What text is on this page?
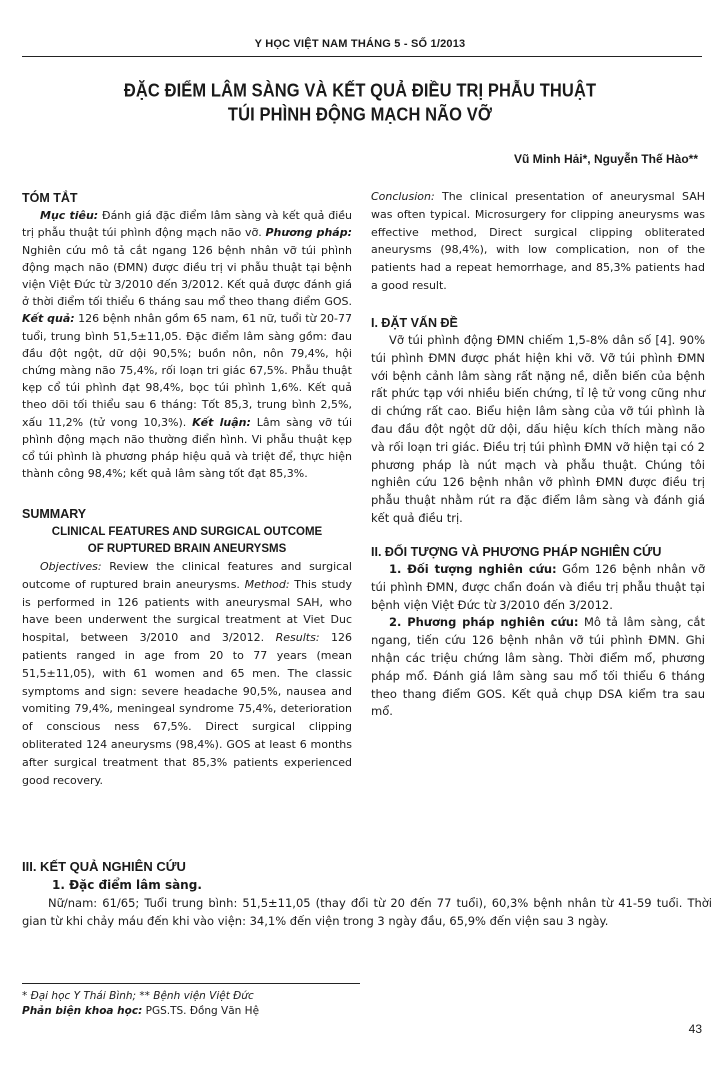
Y HỌC VIỆT NAM THÁNG 5 - SỐ 1/2013
ĐẶC ĐIỂM LÂM SÀNG VÀ KẾT QUẢ ĐIỀU TRỊ PHẪU THUẬT
TÚI PHÌNH ĐỘNG MẠCH NÃO VỠ
Vũ Minh Hải*, Nguyễn Thế Hào**

TÓM TẮT

Mục tiêu: Đánh giá đặc điểm lâm sàng và kết quả điều trị phẫu thuật túi phình động mạch não vỡ. Phương pháp: Nghiên cứu mô tả cắt ngang 126 bệnh nhân vỡ túi phình động mạch não (ĐMN) được điều trị vi phẫu thuật tại bệnh viện Việt Đức từ 3/2010 đến 3/2012. Kết quả được đánh giá ở thời điểm tối thiểu 6 tháng sau mổ theo thang điểm GOS. Kết quả: 126 bệnh nhân gồm 65 nam, 61 nữ, tuổi từ 20-77 tuổi, trung bình 51,5±11,05. Đặc điểm lâm sàng gồm: đau đầu đột ngột, dữ dội 90,5%; buồn nôn, nôn 79,4%, hội chứng màng não 75,4%, rối loạn tri giác 67,5%. Phẫu thuật kẹp cổ túi phình đạt 98,4%, bọc túi phình 1,6%. Kết quả theo dõi tối thiểu sau 6 tháng: Tốt 85,3, trung bình 2,5%, xấu 11,2% (tử vong 10,3%). Kết luận: Lâm sàng vỡ túi phình động mạch não thường điển hình. Vi phẫu thuật kẹp cổ túi phình là phương pháp hiệu quả và triệt để, thực hiện thành công 98,4%; kết quả lâm sàng tốt đạt 85,3%.

SUMMARY

CLINICAL FEATURES AND SURGICAL OUTCOME

OF RUPTURED BRAIN ANEURYSMS

Objectives: Review the clinical features and surgical outcome of ruptured brain aneurysms. Method: This study is performed in 126 patients with aneurysmal SAH, who have been underwent the surgical treatment at Viet Duc hospital, between 3/2010 and 3/2012. Results: 126 patients ranged in age from 20 to 77 years (mean 51,5±11,05), with 61 women and 65 men. The classic symptoms and sign: severe headache 90,5%, nausea and vomiting 79,4%, meningeal syndrome 75,4%, deterioration of conscious ness 67,5%. Direct surgical clipping obliterated 124 aneurysms (98,4%). GOS at least 6 months after surgical treatment that 85,3% patients experienced good recovery.

Conclusion: The clinical presentation of aneurysmal SAH was often typical. Microsurgery for clipping aneurysms was effective method, Direct surgical clipping obliterated aneurysms (98,4%), with low complication, non of the patients had a repeat hemorrhage, and 85,3% patients had a good result.

I. ĐẶT VẤN ĐỀ

Vỡ túi phình động ĐMN chiếm 1,5-8% dân số [4]. 90% túi phình ĐMN được phát hiện khi vỡ. Vỡ túi phình ĐMN với bệnh cảnh lâm sàng rất nặng nề, diễn biến của bệnh rất phức tạp với nhiều biến chứng, tỉ lệ tử vong cũng như di chứng rất cao. Biểu hiện lâm sàng của vỡ túi phình là đau đầu đột ngột dữ dội, dấu hiệu kích thích màng não và rối loạn tri giác. Điều trị túi phình ĐMN vỡ hiện tại có 2 phương pháp là nút mạch và phẫu thuật. Chúng tôi nghiên cứu 126 bệnh nhân vỡ phình ĐMN được điều trị phẫu thuật nhằm rút ra đặc điểm lâm sàng và đánh giá kết quả điều trị.

II. ĐỐI TƯỢNG VÀ PHƯƠNG PHÁP NGHIÊN CỨU

1. Đối tượng nghiên cứu: Gồm 126 bệnh nhân vỡ túi phình ĐMN, được chẩn đoán và điều trị phẫu thuật tại bệnh viện Việt Đức từ 3/2010 đến 3/2012.

2. Phương pháp nghiên cứu: Mô tả lâm sàng, cắt ngang, tiến cứu 126 bệnh nhân vỡ túi phình ĐMN. Ghi nhận các triệu chứng lâm sàng. Thời điểm mổ, phương pháp mổ. Đánh giá lâm sàng sau mổ tối thiểu 6 tháng theo thang điểm GOS. Kết quả chụp DSA kiểm tra sau mổ.

III. KẾT QUẢ NGHIÊN CỨU

1. Đặc điểm lâm sàng.

Nữ/nam: 61/65; Tuổi trung bình: 51,5±11,05 (thay đổi từ 20 đến 77 tuổi), 60,3% bệnh nhân từ 41-59 tuổi. Thời gian từ khi chảy máu đến khi vào viện: 34,1% đến viện trong 3 ngày đầu, 65,9% đến viện sau 3 ngày.

* Đại học Y Thái Bình; ** Bệnh viện Việt Đức
Phản biện khoa học: PGS.TS. Đồng Văn Hệ
43
